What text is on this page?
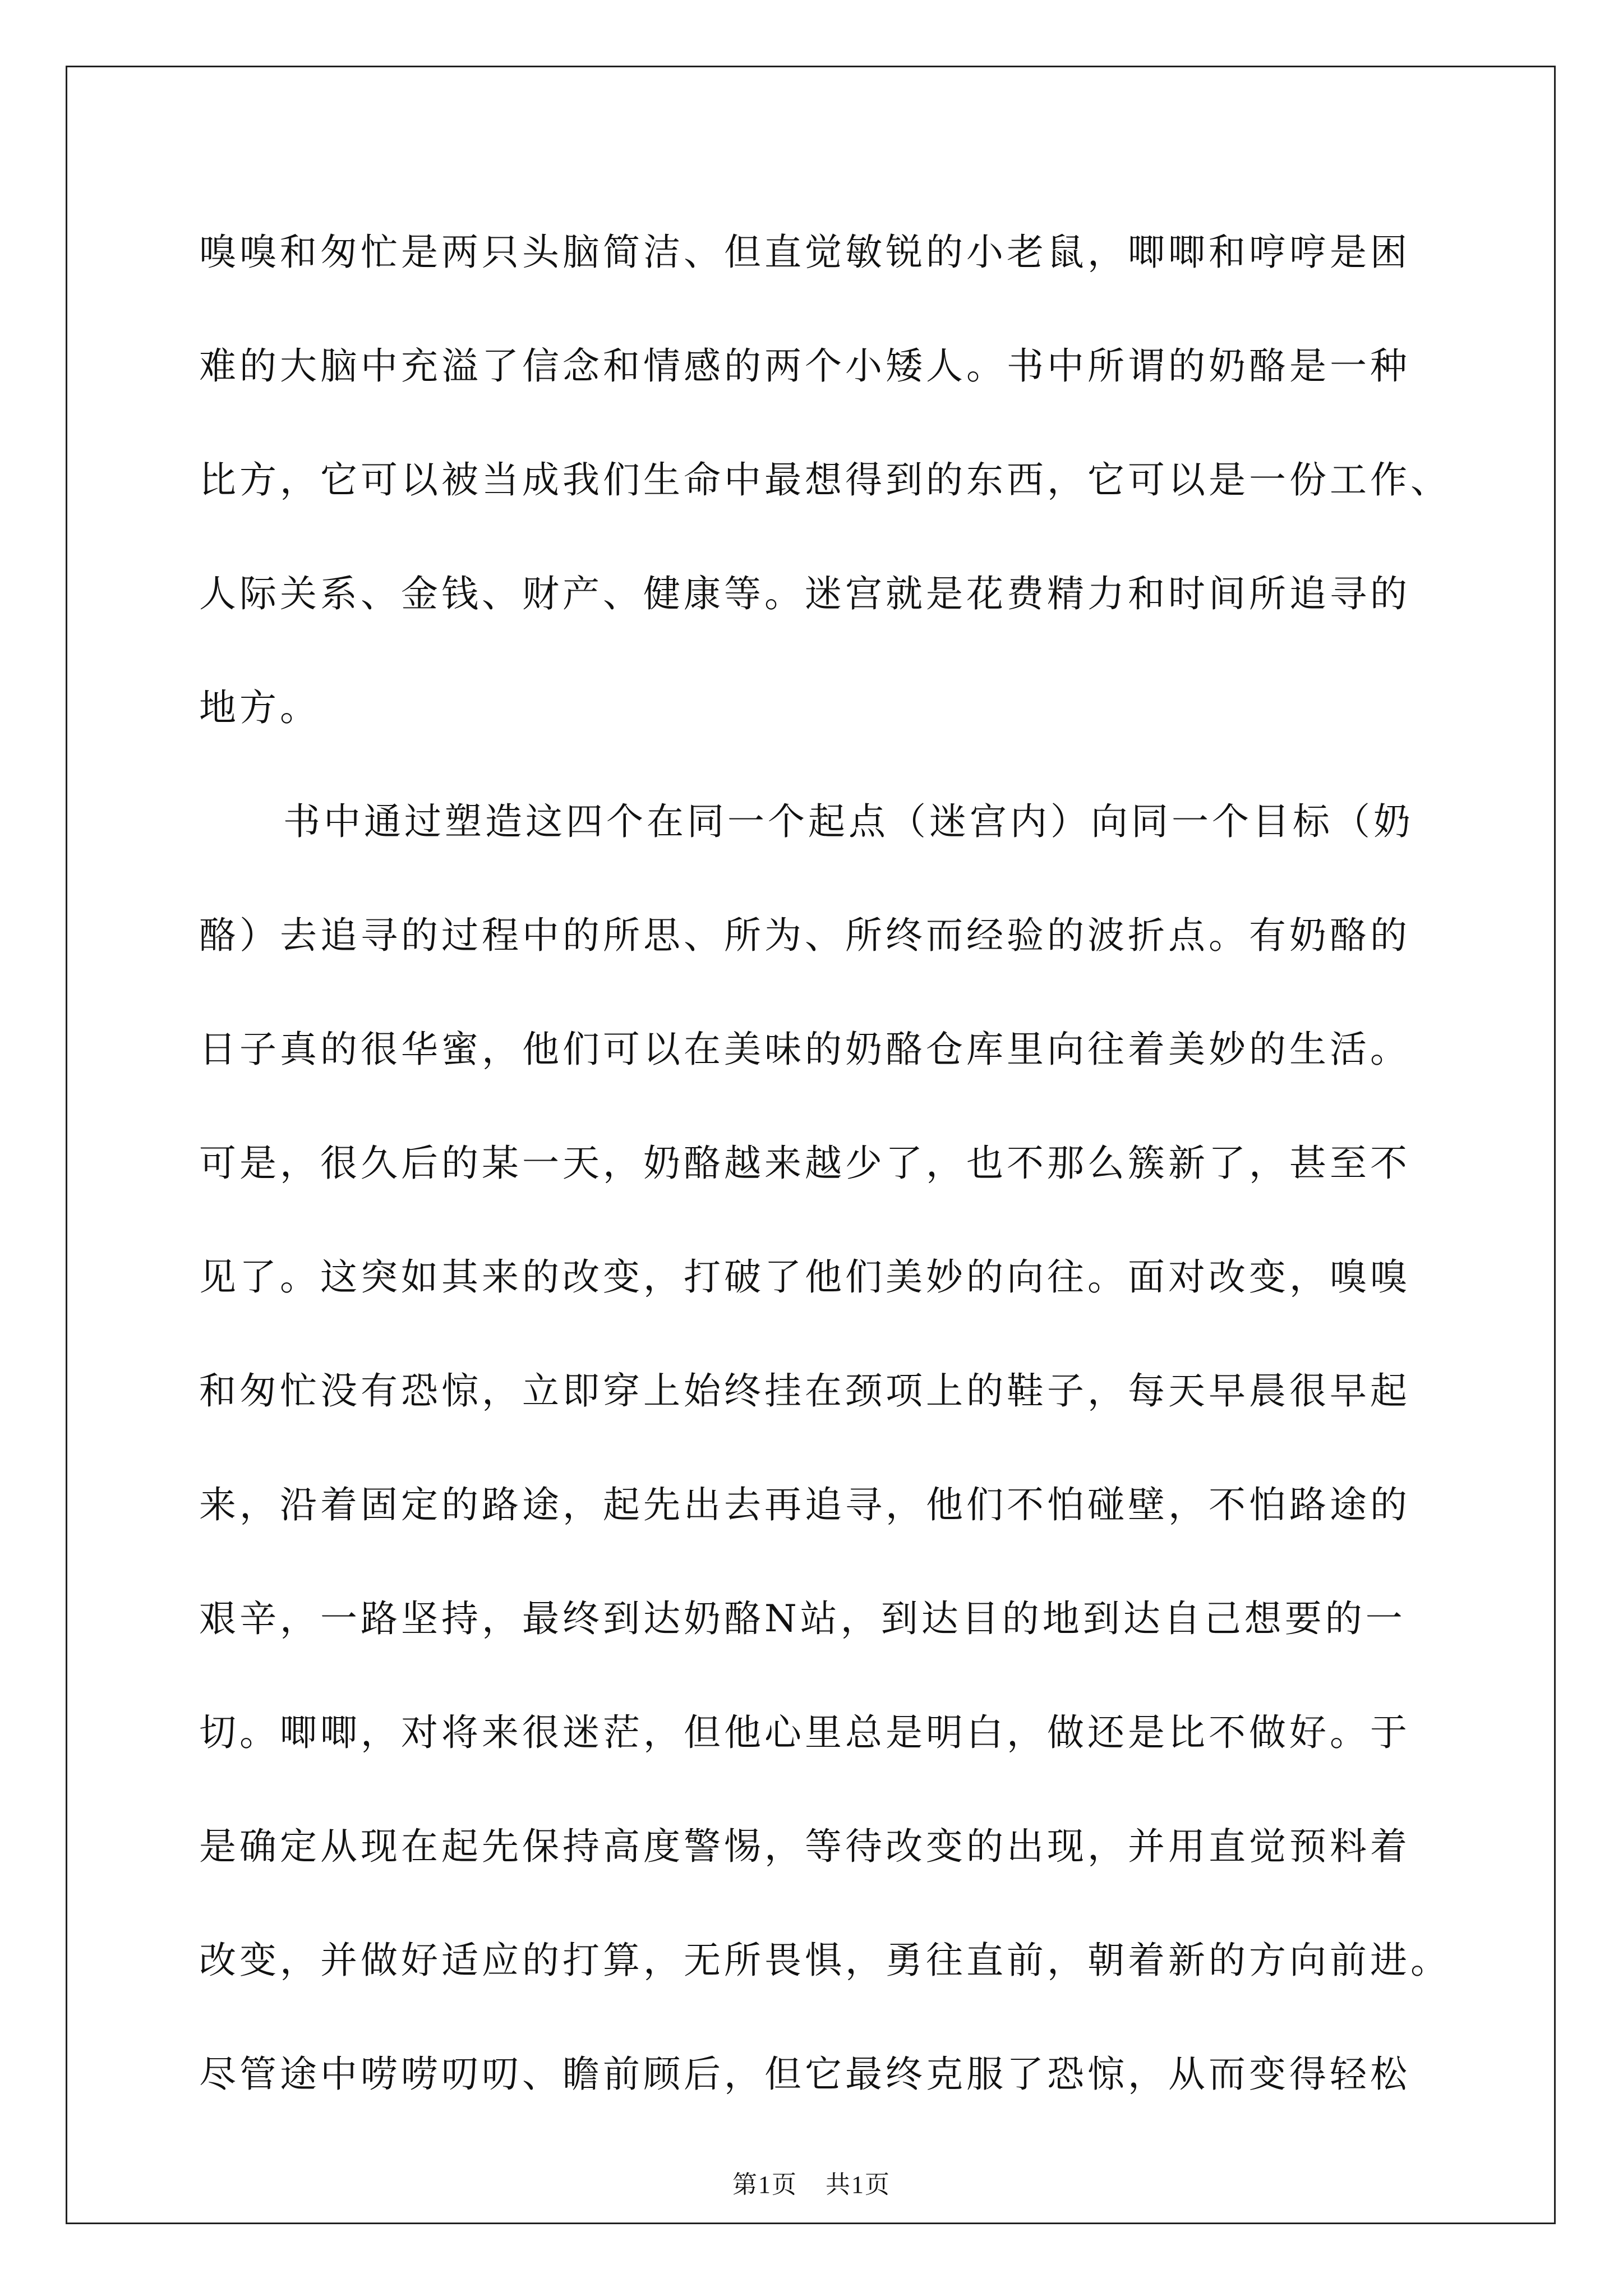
嗅嗅和匆忙是两只头脑简洁、但直觉敏锐的小老鼠，唧唧和哼哼是困
难的大脑中充溢了信念和情感的两个小矮人。书中所谓的奶酪是一种
比方，它可以被当成我们生命中最想得到的东西，它可以是一份工作、
人际关系、金钱、财产、健康等。迷宫就是花费精力和时间所追寻的
地方。
书中通过塑造这四个在同一个起点（迷宫内）向同一个目标（奶
酪）去追寻的过程中的所思、所为、所终而经验的波折点。有奶酪的
日子真的很华蜜，他们可以在美味的奶酪仓库里向往着美妙的生活。
可是，很久后的某一天，奶酪越来越少了，也不那么簇新了，甚至不
见了。这突如其来的改变，打破了他们美妙的向往。面对改变，嗅嗅
和匆忙没有恐惊，立即穿上始终挂在颈项上的鞋子，每天早晨很早起
来，沿着固定的路途，起先出去再追寻，他们不怕碰壁，不怕路途的
艰辛，一路坚持，最终到达奶酪N站，到达目的地到达自己想要的一
切。唧唧，对将来很迷茫，但他心里总是明白，做还是比不做好。于
是确定从现在起先保持高度警惕，等待改变的出现，并用直觉预料着
改变，并做好适应的打算，无所畏惧，勇往直前，朝着新的方向前进。
尽管途中唠唠叨叨、瞻前顾后，但它最终克服了恐惊，从而变得轻松
第1页 共1页
